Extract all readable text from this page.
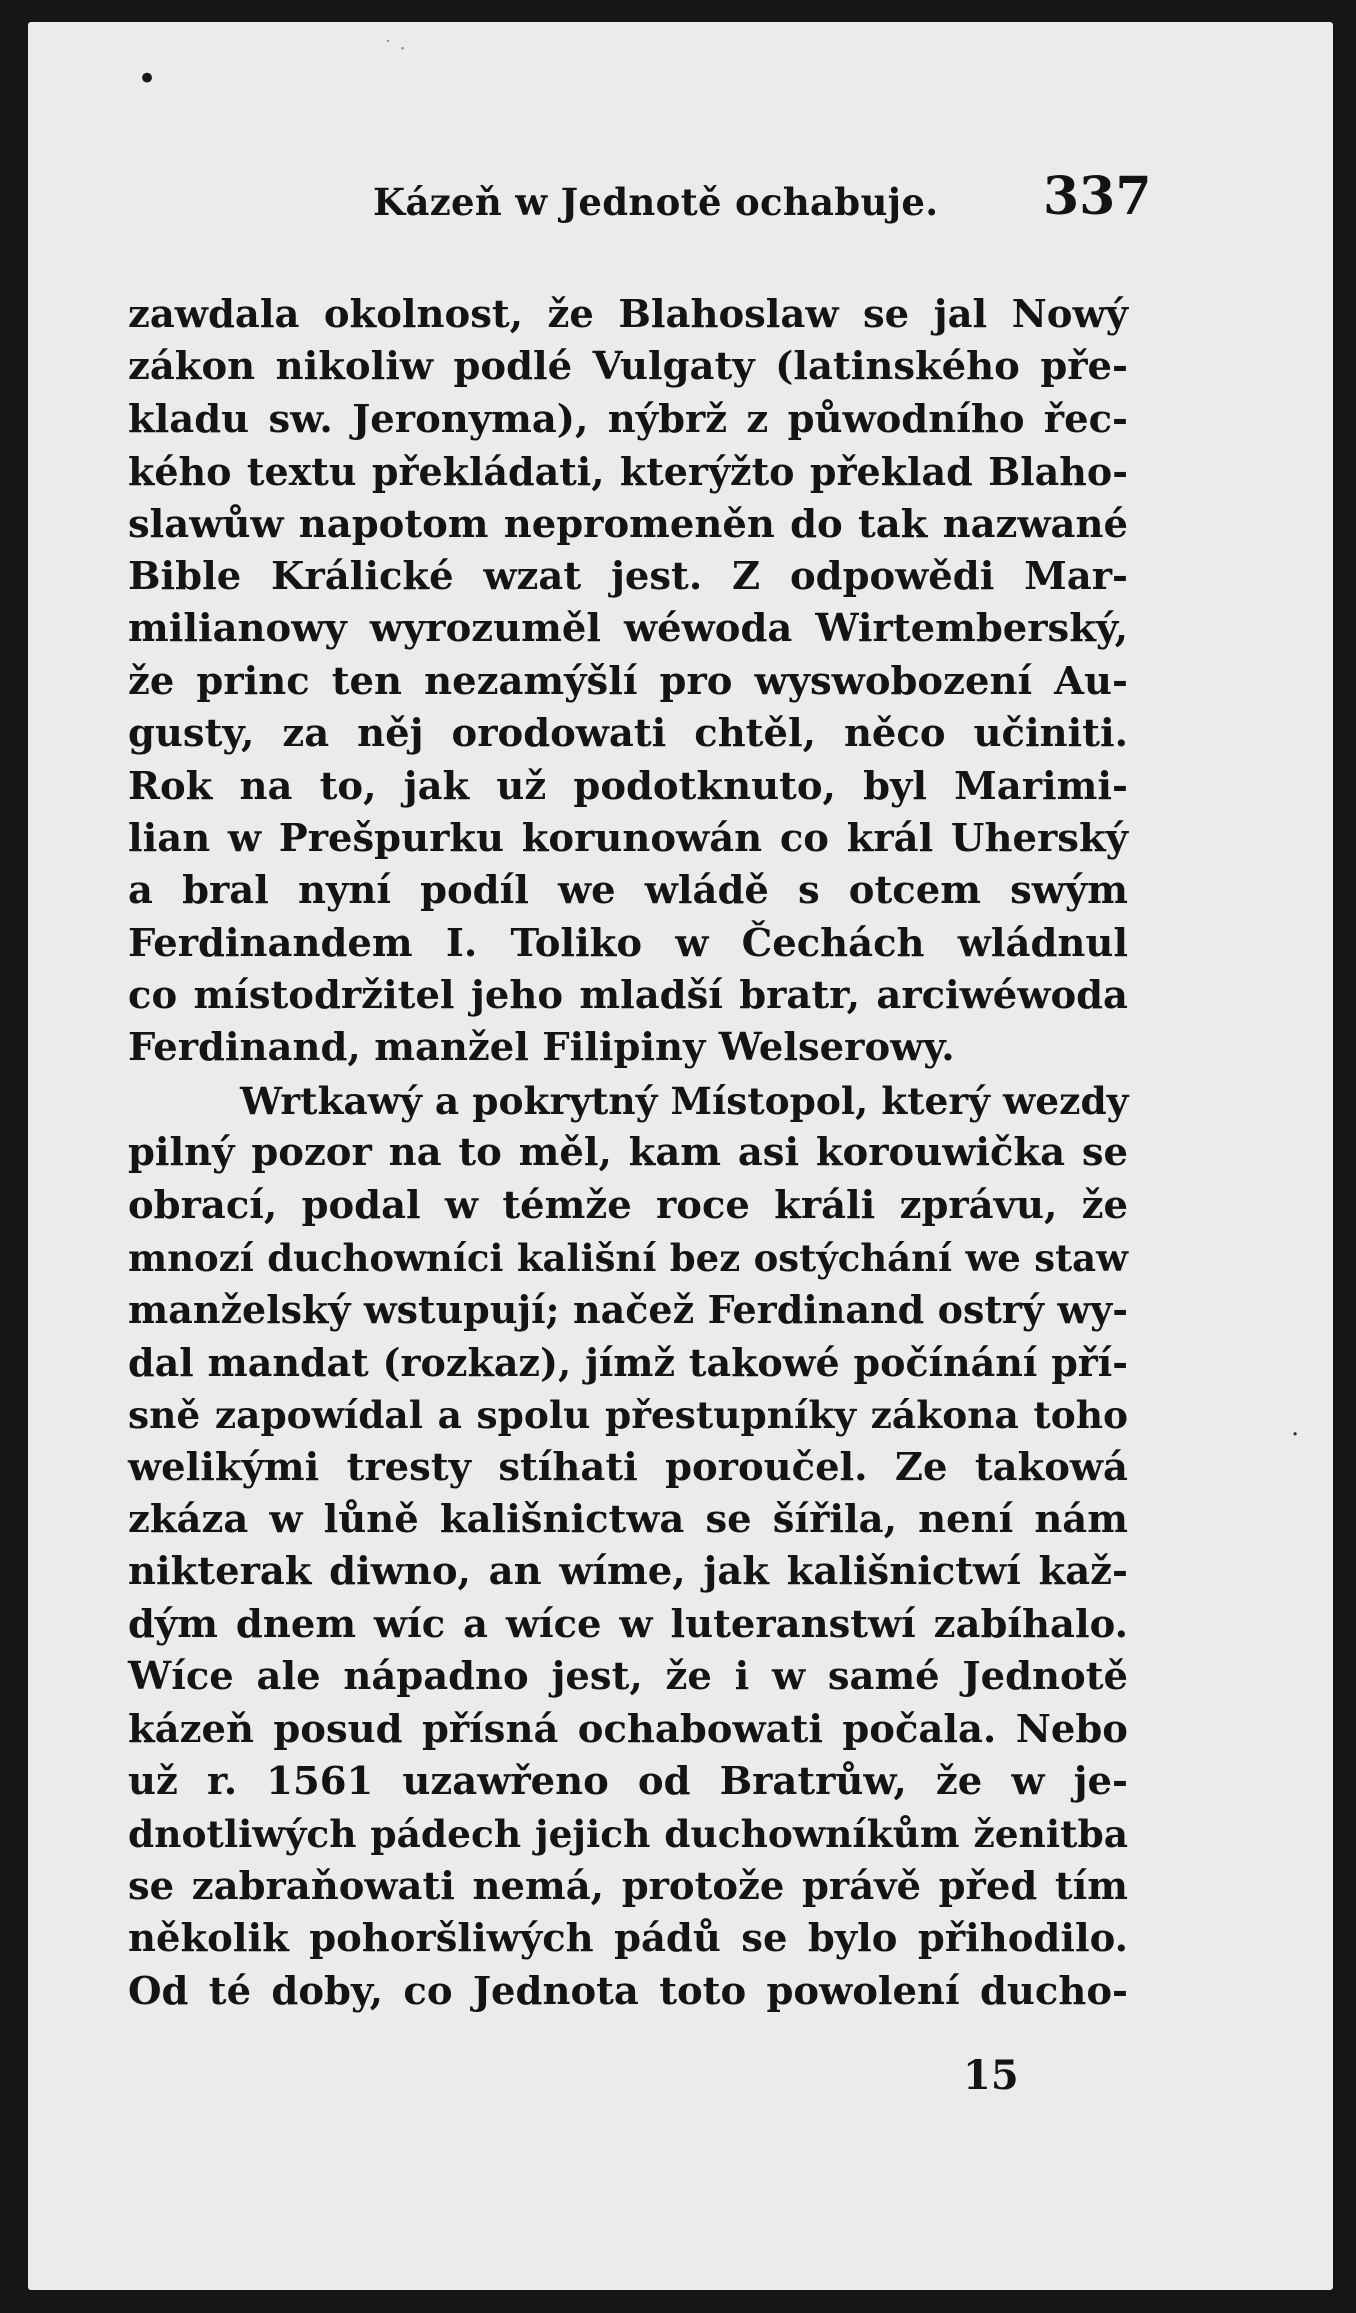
•
˙ ·
·
Kázeň w Jednotě ochabuje. 337
zawdala okolnost, že Blahoslaw se jal Nowý
zákon nikoliw podlé Vulgaty (latinského pře-
kladu sw. Jeronyma), nýbrž z půwodního řec-
kého textu překládati, kterýžto překlad Blaho-
slawůw napotom nepromeněn do tak nazwané
Bible Králické wzat jest. Z odpowědi Mar-
milianowy wyrozuměl wéwoda Wirtemberský,
že princ ten nezamýšlí pro wyswobození Au-
gusty, za něj orodowati chtěl, něco učiniti.
Rok na to, jak už podotknuto, byl Marimi-
lian w Prešpurku korunowán co král Uherský
a bral nyní podíl we wládě s otcem swým
Ferdinandem I. Toliko w Čechách wládnul
co místodržitel jeho mladší bratr, arciwéwoda
Ferdinand, manžel Filipiny Welserowy.
Wrtkawý a pokrytný Místopol, který wezdy
pilný pozor na to měl, kam asi korouwička se
obrací, podal w témže roce králi zprávu, že
mnozí duchowníci kališní bez ostýchání we staw
manželský wstupují; načež Ferdinand ostrý wy-
dal mandat (rozkaz), jímž takowé počínání pří-
sně zapowídal a spolu přestupníky zákona toho
welikými tresty stíhati poroučel. Ze takowá
zkáza w lůně kališnictwa se šířila, není nám
nikterak diwno, an wíme, jak kališnictwí kaž-
dým dnem wíc a wíce w luteranstwí zabíhalo.
Wíce ale nápadno jest, že i w samé Jednotě
kázeň posud přísná ochabowati počala. Nebo
už r. 1561 uzawřeno od Bratrůw, že w je-
dnotliwých pádech jejich duchowníkům ženitba
se zabraňowati nemá, protože právě před tím
několik pohoršliwých pádů se bylo přihodilo.
Od té doby, co Jednota toto powolení ducho-
15
